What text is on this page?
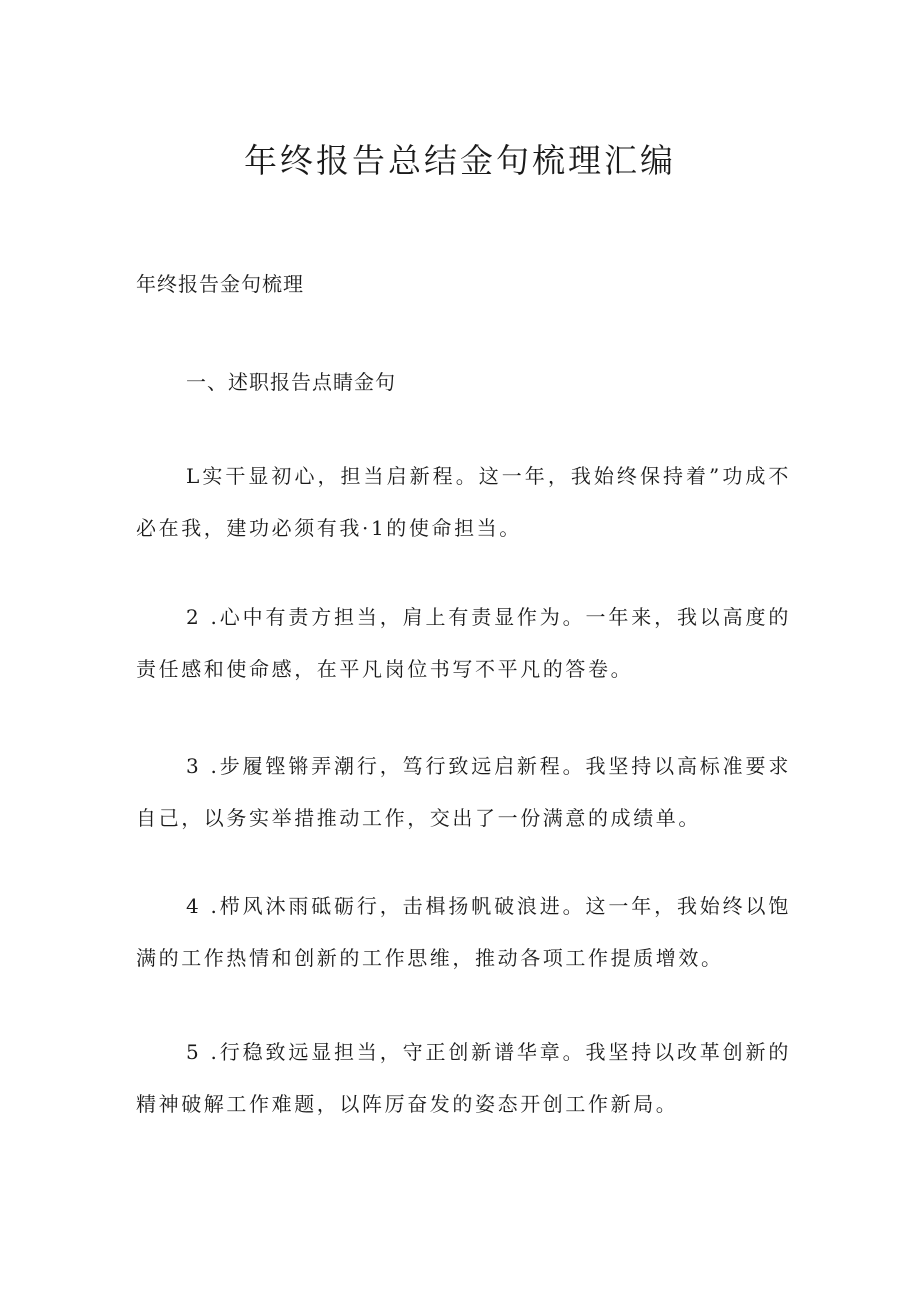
年终报告总结金句梳理汇编

年终报告金句梳理

一、述职报告点睛金句

L实干显初心，担当启新程。这一年，我始终保持着”功成不必在我，建功必须有我·1的使命担当。

2 .心中有责方担当，肩上有责显作为。一年来，我以高度的责任感和使命感，在平凡岗位书写不平凡的答卷。

3 .步履铿锵弄潮行，笃行致远启新程。我坚持以高标准要求自己，以务实举措推动工作，交出了一份满意的成绩单。

4 .栉风沐雨砥砺行，击楫扬帆破浪进。这一年，我始终以饱满的工作热情和创新的工作思维，推动各项工作提质增效。

5 .行稳致远显担当，守正创新谱华章。我坚持以改革创新的精神破解工作难题，以阵厉奋发的姿态开创工作新局。
